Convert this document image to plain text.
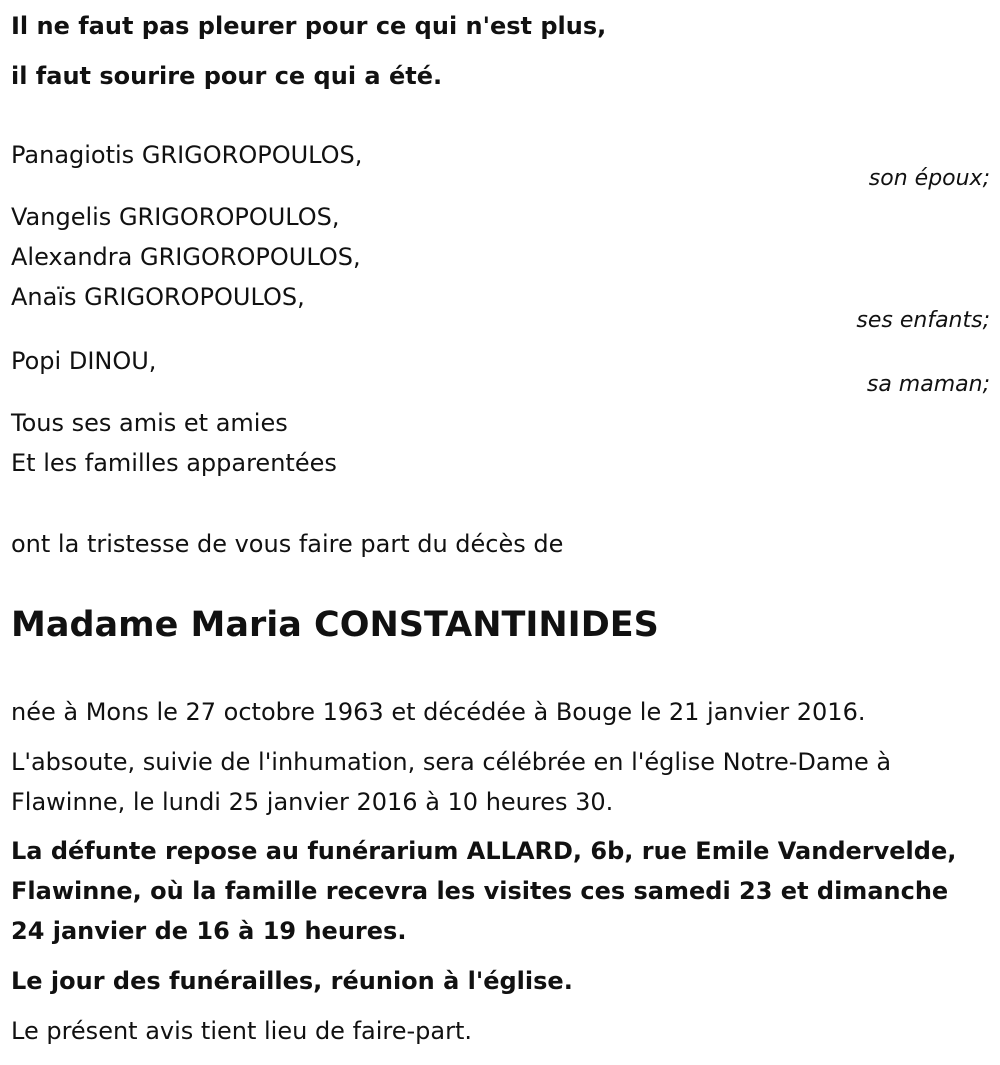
Il ne faut pas pleurer pour ce qui n'est plus,

il faut sourire pour ce qui a été.

Panagiotis GRIGOROPOULOS,

son époux;

Vangelis GRIGOROPOULOS,

Alexandra GRIGOROPOULOS,

Anaïs GRIGOROPOULOS,

ses enfants;

Popi DINOU,

sa maman;

Tous ses amis et amies

Et les familles apparentées

ont la tristesse de vous faire part du décès de

Madame Maria CONSTANTINIDES

née à Mons le 27 octobre 1963 et décédée à Bouge le 21 janvier 2016.

L'absoute, suivie de l'inhumation, sera célébrée en l'église Notre-Dame à

Flawinne, le lundi 25 janvier 2016 à 10 heures 30.

La défunte repose au funérarium ALLARD, 6b, rue Emile Vandervelde,

Flawinne, où la famille recevra les visites ces samedi 23 et dimanche

24 janvier de 16 à 19 heures.

Le jour des funérailles, réunion à l'église.

Le présent avis tient lieu de faire-part.
